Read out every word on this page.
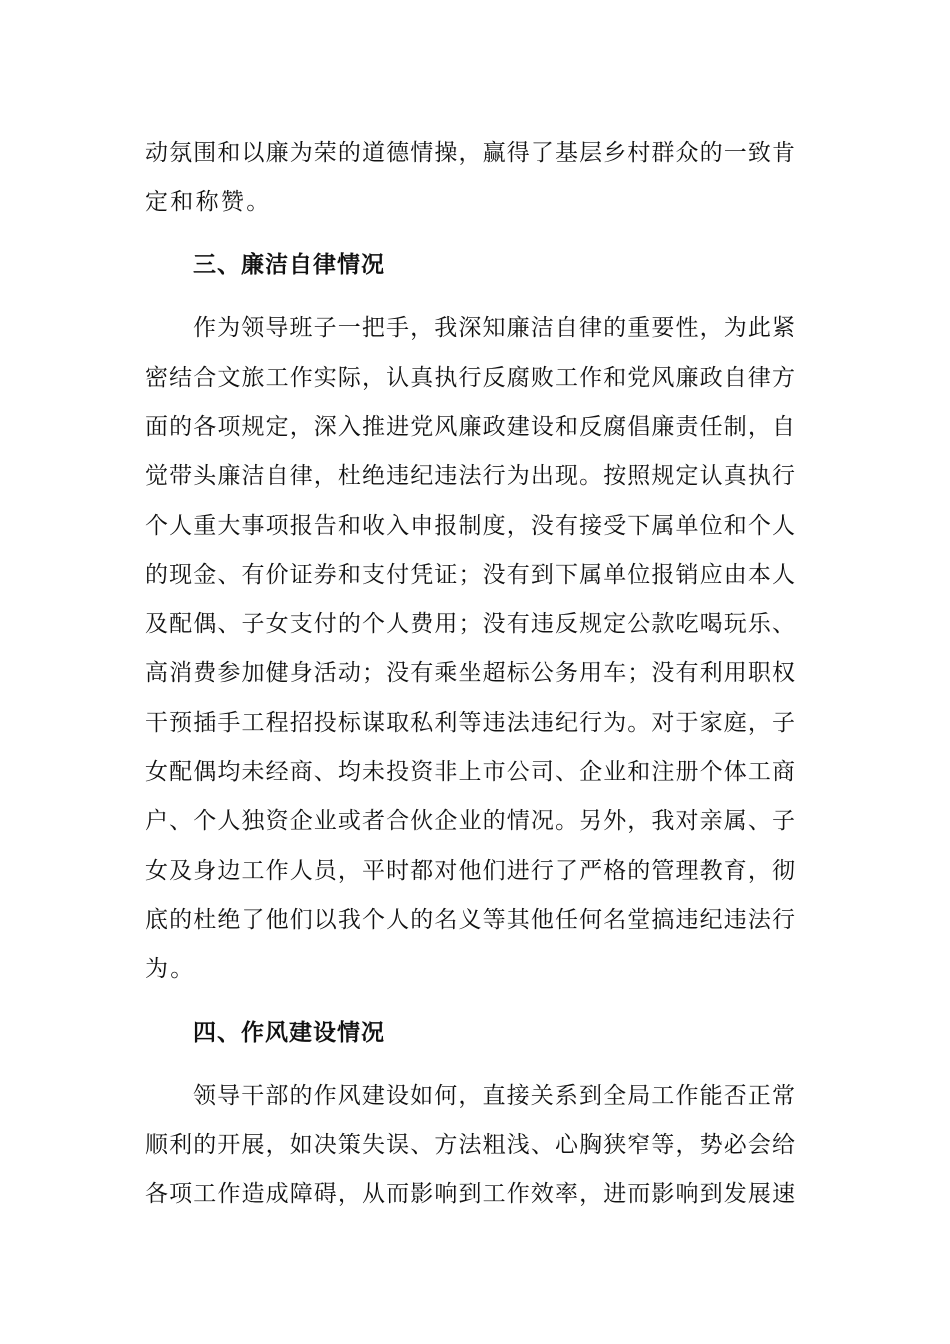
动氛围和以廉为荣的道德情操，赢得了基层乡村群众的一致肯
定和称赞。
三、廉洁自律情况
作为领导班子一把手，我深知廉洁自律的重要性，为此紧
密结合文旅工作实际，认真执行反腐败工作和党风廉政自律方
面的各项规定，深入推进党风廉政建设和反腐倡廉责任制，自
觉带头廉洁自律，杜绝违纪违法行为出现。按照规定认真执行
个人重大事项报告和收入申报制度，没有接受下属单位和个人
的现金、有价证券和支付凭证；没有到下属单位报销应由本人
及配偶、子女支付的个人费用；没有违反规定公款吃喝玩乐、
高消费参加健身活动；没有乘坐超标公务用车；没有利用职权
干预插手工程招投标谋取私利等违法违纪行为。对于家庭，子
女配偶均未经商、均未投资非上市公司、企业和注册个体工商
户、个人独资企业或者合伙企业的情况。另外，我对亲属、子
女及身边工作人员，平时都对他们进行了严格的管理教育，彻
底的杜绝了他们以我个人的名义等其他任何名堂搞违纪违法行
为。
四、作风建设情况
领导干部的作风建设如何，直接关系到全局工作能否正常
顺利的开展，如决策失误、方法粗浅、心胸狭窄等，势必会给
各项工作造成障碍，从而影响到工作效率，进而影响到发展速
